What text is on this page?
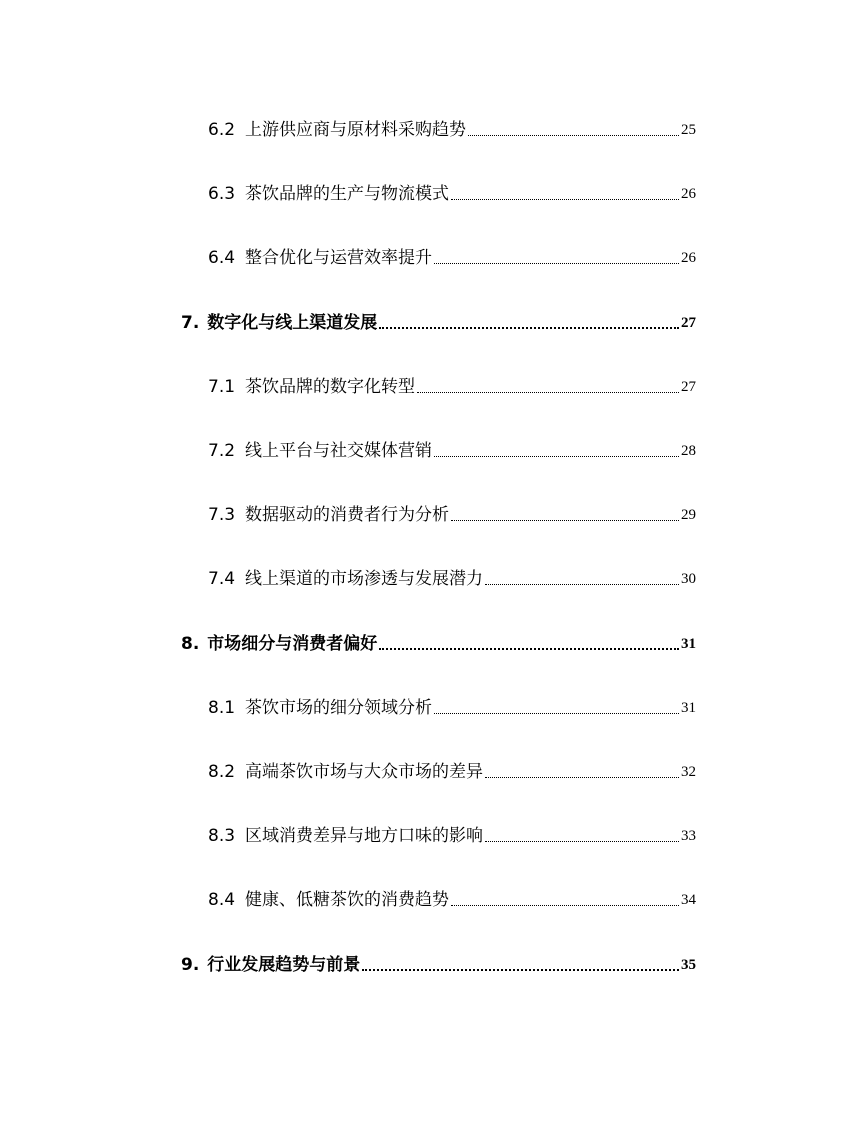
6.2 上游供应商与原材料采购趋势	25
6.3 茶饮品牌的生产与物流模式	26
6.4 整合优化与运营效率提升	26
7. 数字化与线上渠道发展	27
7.1 茶饮品牌的数字化转型	27
7.2 线上平台与社交媒体营销	28
7.3 数据驱动的消费者行为分析	29
7.4 线上渠道的市场渗透与发展潜力	30
8. 市场细分与消费者偏好	31
8.1 茶饮市场的细分领域分析	31
8.2 高端茶饮市场与大众市场的差异	32
8.3 区域消费差异与地方口味的影响	33
8.4 健康、低糖茶饮的消费趋势	34
9. 行业发展趋势与前景	35
